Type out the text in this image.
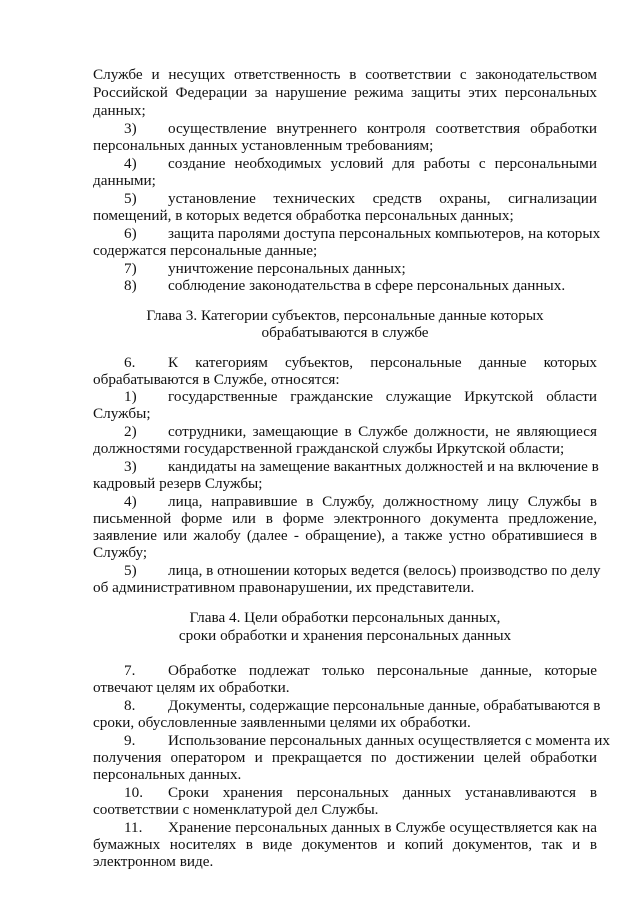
Службе и несущих ответственность в соответствии с законодательством
Российской Федерации за нарушение режима защиты этих персональных
данных;
3) осуществление внутреннего контроля соответствия обработки
персональных данных установленным требованиям;
4) создание необходимых условий для работы с персональными
данными;
5) установление технических средств охраны, сигнализации
помещений, в которых ведется обработка персональных данных;
6) защита паролями доступа персональных компьютеров, на которых
содержатся персональные данные;
7) уничтожение персональных данных;
8) соблюдение законодательства в сфере персональных данных.
Глава 3. Категории субъектов, персональные данные которых
обрабатываются в службе
6. К категориям субъектов, персональные данные которых
обрабатываются в Службе, относятся:
1) государственные гражданские служащие Иркутской области
Службы;
2) сотрудники, замещающие в Службе должности, не являющиеся
должностями государственной гражданской службы Иркутской области;
3) кандидаты на замещение вакантных должностей и на включение в
кадровый резерв Службы;
4) лица, направившие в Службу, должностному лицу Службы в
письменной форме или в форме электронного документа предложение,
заявление или жалобу (далее - обращение), а также устно обратившиеся в
Службу;
5) лица, в отношении которых ведется (велось) производство по делу
об административном правонарушении, их представители.
Глава 4. Цели обработки персональных данных,
сроки обработки и хранения персональных данных
7. Обработке подлежат только персональные данные, которые
отвечают целям их обработки.
8. Документы, содержащие персональные данные, обрабатываются в
сроки, обусловленные заявленными целями их обработки.
9. Использование персональных данных осуществляется с момента их
получения оператором и прекращается по достижении целей обработки
персональных данных.
10. Сроки хранения персональных данных устанавливаются в
соответствии с номенклатурой дел Службы.
11. Хранение персональных данных в Службе осуществляется как на
бумажных носителях в виде документов и копий документов, так и в
электронном виде.
